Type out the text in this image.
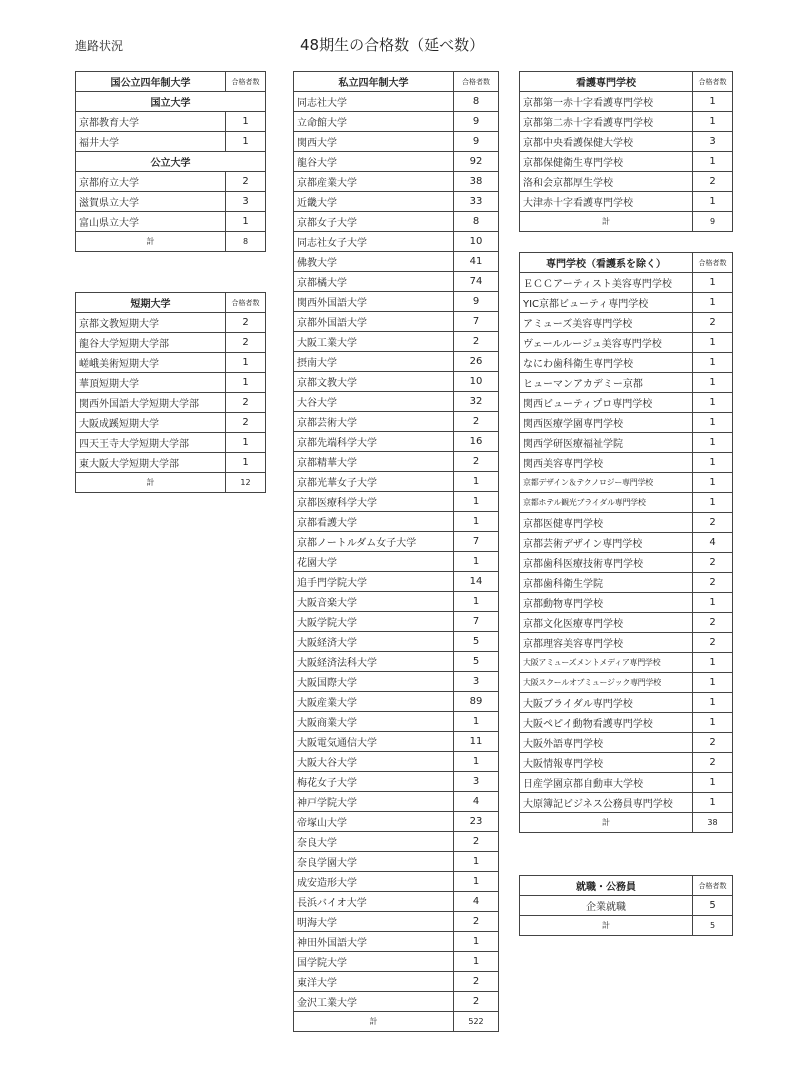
進路状況	48期生の合格数（延べ数）
国公立四年制大学	合格者数
国立大学	
京都教育大学	1
福井大学	1
公立大学	
京都府立大学	2
滋賀県立大学	3
富山県立大学	1
計	8
短期大学	合格者数
京都文教短期大学	2
龍谷大学短期大学部	2
嵯峨美術短期大学	1
華頂短期大学	1
関西外国語大学短期大学部	2
大阪成蹊短期大学	2
四天王寺大学短期大学部	1
東大阪大学短期大学部	1
計	12
私立四年制大学	合格者数
同志社大学	8
立命館大学	9
関西大学	9
龍谷大学	92
京都産業大学	38
近畿大学	33
京都女子大学	8
同志社女子大学	10
佛教大学	41
京都橘大学	74
関西外国語大学	9
京都外国語大学	7
大阪工業大学	2
摂南大学	26
京都文教大学	10
大谷大学	32
京都芸術大学	2
京都先端科学大学	16
京都精華大学	2
京都光華女子大学	1
京都医療科学大学	1
京都看護大学	1
京都ノートルダム女子大学	7
花園大学	1
追手門学院大学	14
大阪音楽大学	1
大阪学院大学	7
大阪経済大学	5
大阪経済法科大学	5
大阪国際大学	3
大阪産業大学	89
大阪商業大学	1
大阪電気通信大学	11
大阪大谷大学	1
梅花女子大学	3
神戸学院大学	4
帝塚山大学	23
奈良大学	2
奈良学園大学	1
成安造形大学	1
長浜バイオ大学	4
明海大学	2
神田外国語大学	1
国学院大学	1
東洋大学	2
金沢工業大学	2
計	522
看護専門学校	合格者数
京都第一赤十字看護専門学校	1
京都第二赤十字看護専門学校	1
京都中央看護保健大学校	3
京都保健衛生専門学校	1
洛和会京都厚生学校	2
大津赤十字看護専門学校	1
計	9
専門学校（看護系を除く）	合格者数
ＥＣＣアーティスト美容専門学校	1
YIC京都ビューティ専門学校	1
アミューズ美容専門学校	2
ヴェールルージュ美容専門学校	1
なにわ歯科衛生専門学校	1
ヒューマンアカデミー京都	1
関西ビューティプロ専門学校	1
関西医療学園専門学校	1
関西学研医療福祉学院	1
関西美容専門学校	1
京都デザイン＆テクノロジー専門学校	1
京都ホテル観光ブライダル専門学校	1
京都医健専門学校	2
京都芸術デザイン専門学校	4
京都歯科医療技術専門学校	2
京都歯科衛生学院	2
京都動物専門学校	1
京都文化医療専門学校	2
京都理容美容専門学校	2
大阪アミューズメントメディア専門学校	1
大阪スクールオブミュージック専門学校	1
大阪ブライダル専門学校	1
大阪ペピイ動物看護専門学校	1
大阪外語専門学校	2
大阪情報専門学校	2
日産学園京都自動車大学校	1
大原簿記ビジネス公務員専門学校	1
計	38
就職・公務員	合格者数
企業就職	5
計	5
